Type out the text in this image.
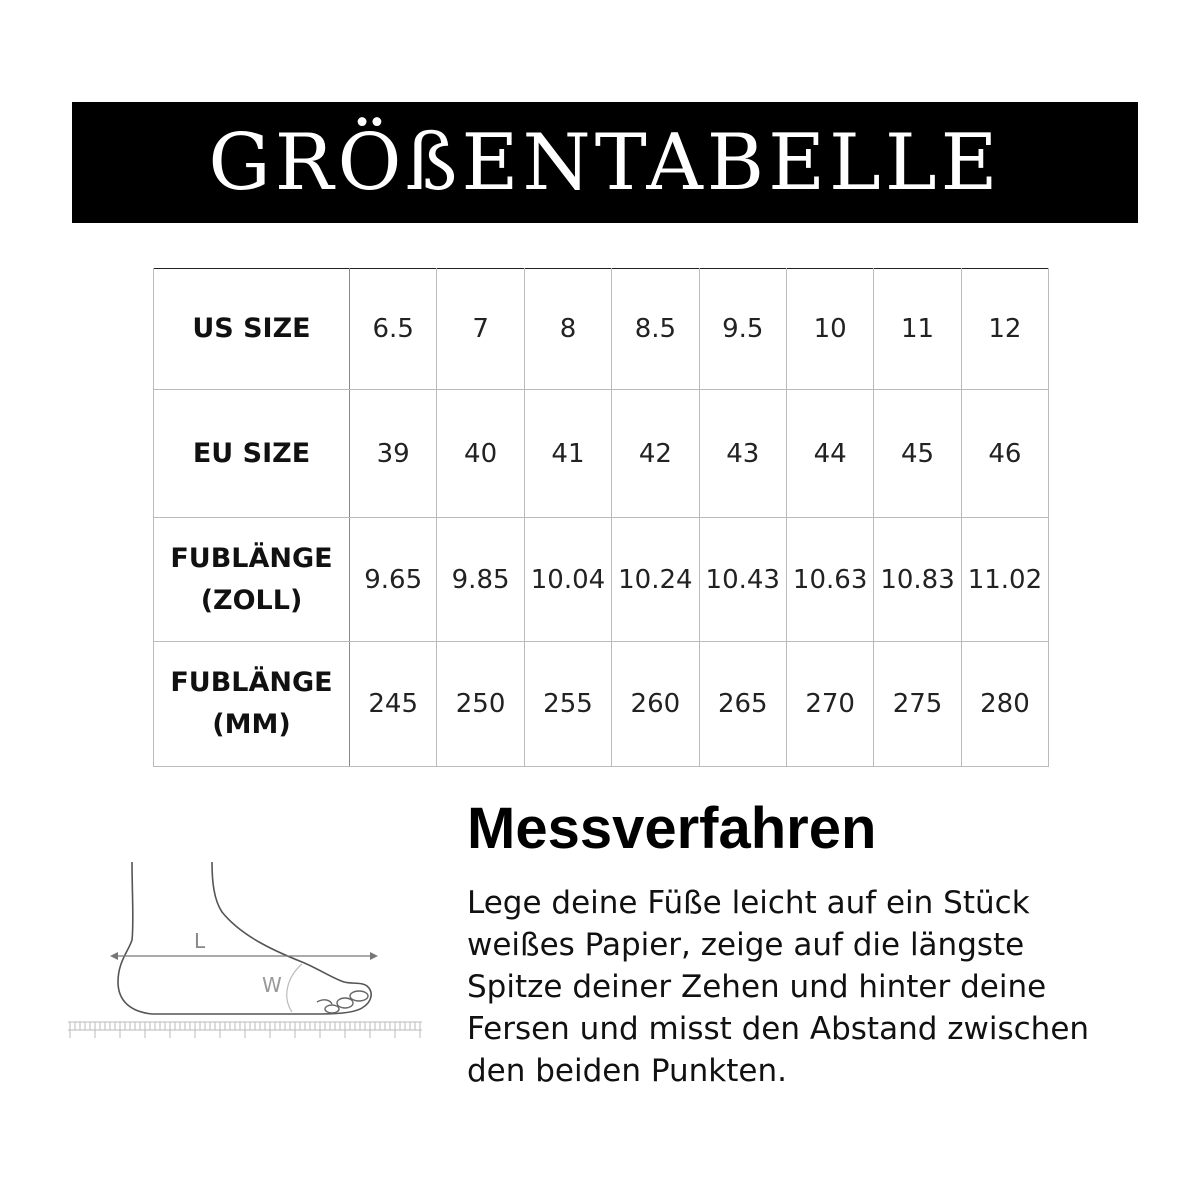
GRÖßENTABELLE
US SIZE	6.5	7	8	8.5	9.5	10	11	12
EU SIZE	39	40	41	42	43	44	45	46
FUBLÄNGE
(ZOLL)	9.65	9.85	10.04	10.24	10.43	10.63	10.83	11.02
FUBLÄNGE
(MM)	245	250	255	260	265	270	275	280
L
W
Messverfahren
Lege deine Füße leicht auf ein Stück
weißes Papier, zeige auf die längste
Spitze deiner Zehen und hinter deine
Fersen und misst den Abstand zwischen
den beiden Punkten.
